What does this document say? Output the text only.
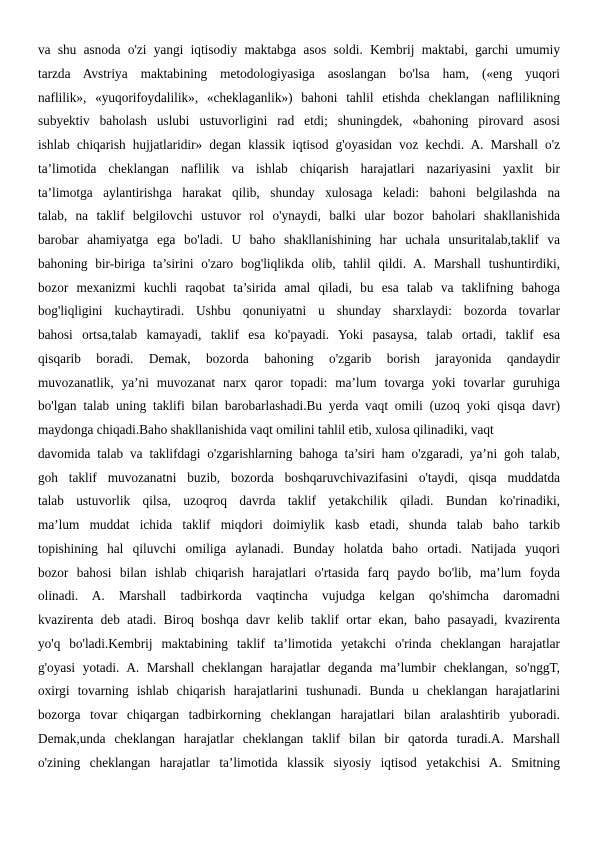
va shu asnoda o'zi yangi iqtisodiy maktabga asos soldi. Kembrij maktabi, garchi umumiy
tarzda Avstriya maktabining metodologiyasiga asoslangan bo'lsa ham, («eng yuqori
naflilik», «yuqorifoydalilik», «cheklaganlik») bahoni tahlil etishda cheklangan naflilikning
subyektiv baholash uslubi ustuvorligini rad etdi; shuningdek, «bahoning pirovard asosi
ishlab chiqarish hujjatlaridir» degan klassik iqtisod g'oyasidan voz kechdi. A. Marshall o'z
ta’limotida cheklangan naflilik va ishlab chiqarish harajatlari nazariyasini yaxlit bir
ta’limotga aylantirishga harakat qilib, shunday xulosaga keladi: bahoni belgilashda na
talab, na taklif belgilovchi ustuvor rol o'ynaydi, balki ular bozor baholari shakllanishida
barobar ahamiyatga ega bo'ladi. U baho shakllanishining har uchala unsuritalab,taklif va
bahoning bir-biriga ta’sirini o'zaro bog'liqlikda olib, tahlil qildi. A. Marshall tushuntirdiki,
bozor mexanizmi kuchli raqobat ta’sirida amal qiladi, bu esa talab va taklifning bahoga
bog'liqligini kuchaytiradi. Ushbu qonuniyatni u shunday sharxlaydi: bozorda tovarlar
bahosi ortsa,talab kamayadi, taklif esa ko'payadi. Yoki pasaysa, talab ortadi, taklif esa
qisqarib boradi. Demak, bozorda bahoning o'zgarib borish jarayonida qandaydir
muvozanatlik, ya’ni muvozanat narx qaror topadi: ma’lum tovarga yoki tovarlar guruhiga
bo'lgan talab uning taklifi bilan barobarlashadi.Bu yerda vaqt omili (uzoq yoki qisqa davr)
maydonga chiqadi.Baho shakllanishida vaqt omilini tahlil etib, xulosa qilinadiki, vaqt
davomida talab va taklifdagi o'zgarishlarning bahoga ta’siri ham o'zgaradi, ya’ni goh talab,
goh taklif muvozanatni buzib, bozorda boshqaruvchivazifasini o'taydi, qisqa muddatda
talab ustuvorlik qilsa, uzoqroq davrda taklif yetakchilik qiladi. Bundan ko'rinadiki,
ma’lum muddat ichida taklif miqdori doimiylik kasb etadi, shunda talab baho tarkib
topishining hal qiluvchi omiliga aylanadi. Bunday holatda baho ortadi. Natijada yuqori
bozor bahosi bilan ishlab chiqarish harajatlari o'rtasida farq paydo bo'lib, ma’lum foyda
olinadi. A. Marshall tadbirkorda vaqtincha vujudga kelgan qo'shimcha daromadni
kvazirenta deb atadi. Biroq boshqa davr kelib taklif ortar ekan, baho pasayadi, kvazirenta
yo'q bo'ladi.Kembrij maktabining taklif ta’limotida yetakchi o'rinda cheklangan harajatlar
g'oyasi yotadi. A. Marshall cheklangan harajatlar deganda ma’lumbir cheklangan, so'nggT,
oxirgi tovarning ishlab chiqarish harajatlarini tushunadi. Bunda u cheklangan harajatlarini
bozorga tovar chiqargan tadbirkorning cheklangan harajatlari bilan aralashtirib yuboradi.
Demak,unda cheklangan harajatlar cheklangan taklif bilan bir qatorda turadi.A. Marshall
o'zining cheklangan harajatlar ta’limotida klassik siyosiy iqtisod yetakchisi A. Smitning
